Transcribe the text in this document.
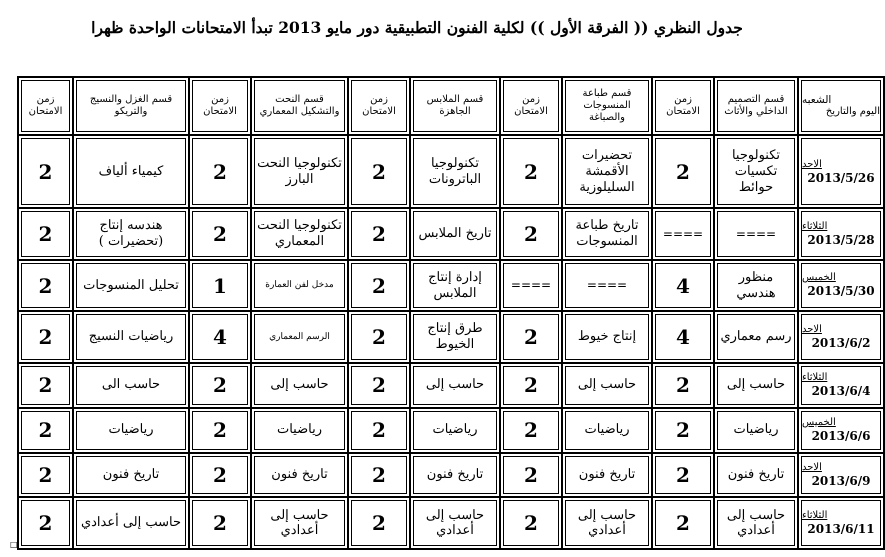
جدول النظري (( الفرقة الأول )) لكلية الفنون التطبيقية دور مايو 2013 تبدأ الامتحانات الواحدة ظهرا
الشعبه
اليوم والتاريخ	قسم التصميم الداخلي والأثاث	زمن الامتحان	قسم طباعة المنسوجات والصباغة	زمن الامتحان	قسم الملابس الجاهزة	زمن الامتحان	قسم النحت والتشكيل المعماري	زمن الامتحان	قسم الغزل والنسيج والتريكو	زمن الامتحان

الاحد
2013/5/26	تكنولوجيا تكسيات حوائط	2	تحضيرات الأقمشة السليلوزية	2	تكنولوجيا الباترونات	2	تكنولوجيا النحت البارز	2	كيمياء ألياف	2

الثلاثاء
2013/5/28	====	====	تاريخ طباعة المنسوجات	2	تاريخ الملابس	2	تكنولوجيا النحت المعماري	2	هندسه إنتاج (تحضيرات )	2

الخميس
2013/5/30	منظور هندسي	4	====	====	إدارة إنتاج الملابس	2	مدخل لفن العمارة	1	تحليل المنسوجات	2

الاحد
2013/6/2	رسم معماري	4	إنتاج خيوط	2	طرق إنتاج الخيوط	2	الرسم المعماري	4	رياضيات النسيج	2

الثلاثاء
2013/6/4	حاسب إلى	2	حاسب إلى	2	حاسب إلى	2	حاسب إلى	2	حاسب الى	2

الخميس
2013/6/6	رياضيات	2	رياضيات	2	رياضيات	2	رياضيات	2	رياضيات	2

الاحد
2013/6/9	تاريخ فنون	2	تاريخ فنون	2	تاريخ فنون	2	تاريخ فنون	2	تاريخ فنون	2

الثلاثاء
2013/6/11	حاسب إلى أعدادي	2	حاسب إلى أعدادي	2	حاسب إلى أعدادي	2	حاسب إلى أعدادي	2	حاسب إلى أعدادي	2
□
